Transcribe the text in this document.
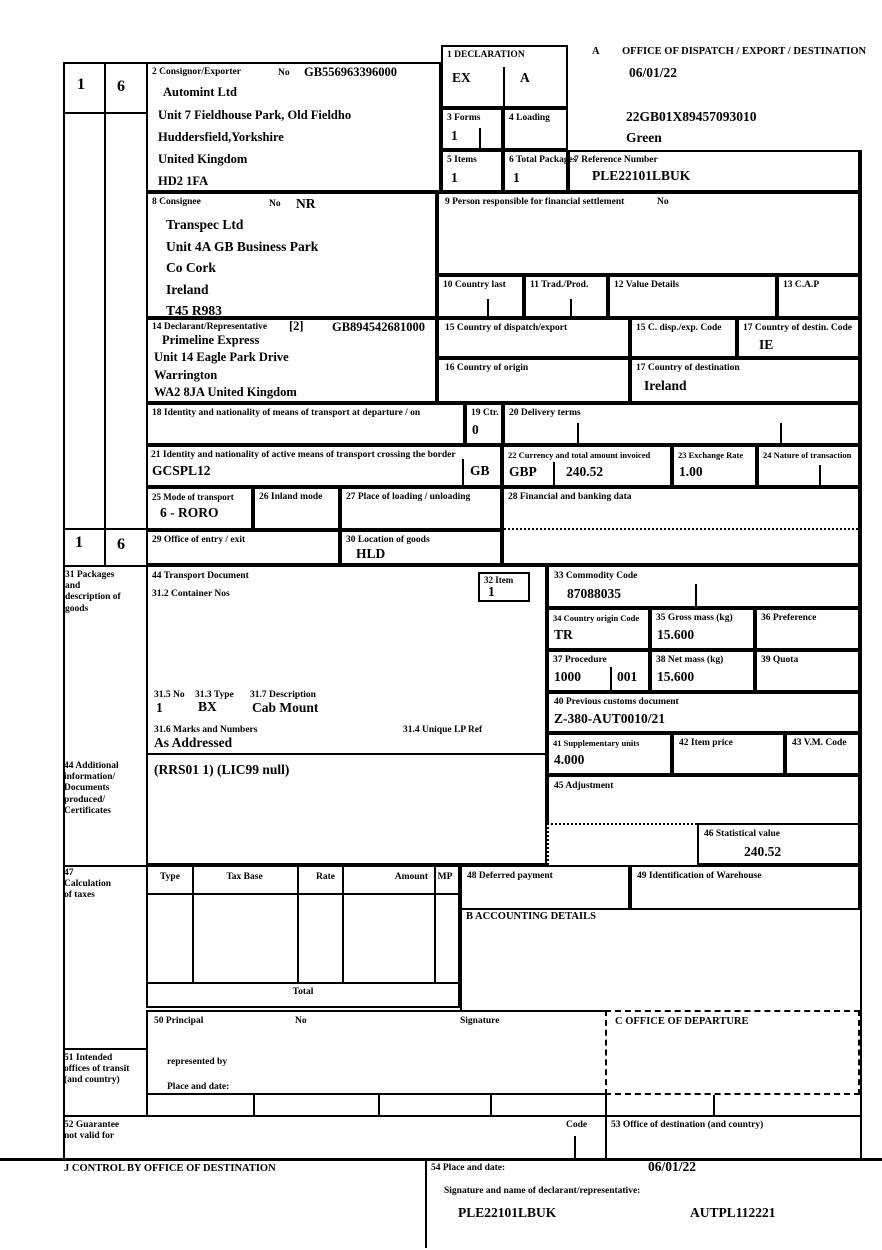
1 6
1 6
1 DECLARATION
EX	A
A OFFICE OF DISPATCH / EXPORT / DESTINATION
06/01/22
22GB01X89457093010
Green
2 Consignor/Exporter	No GB556963396000
Automint Ltd
Unit 7 Fieldhouse Park, Old Fieldho
Huddersfield,Yorkshire
United Kingdom
HD2 1FA
3 Forms
1
4 Loading
5 Items
1
6 Total Packages
1
7 Reference Number
PLE22101LBUK
8 Consignee	No NR
Transpec Ltd
Unit 4A GB Business Park
Co Cork
Ireland
T45 R983
9 Person responsible for financial settlement	No
10 Country last	11 Trad./Prod.	12 Value Details	13 C.A.P
14 Declarant/Representative [2] GB894542681000
Primeline Express
Unit 14 Eagle Park Drive
Warrington
WA2 8JA United Kingdom
15 Country of dispatch/export	15 C. disp./exp. Code 17 Country of destin. Code
IE
16 Country of origin	17 Country of destination
Ireland
18 Identity and nationality of means of transport at departure / on	19 Ctr.
0
20 Delivery terms
21 Identity and nationality of active means of transport crossing the border
GCSPL12	GB
22 Currency and total amount invoiced
GBP 240.52
23 Exchange Rate
1.00
24 Nature of transaction
25 Mode of transport
6 - RORO
26 Inland mode 27 Place of loading / unloading	28 Financial and banking data
29 Office of entry / exit	30 Location of goods
HLD
31 Packages and description of goods
44 Transport Document
31.2 Container Nos
31.5 No
1
31.3 Type
BX
31.7 Description
Cab Mount
31.6 Marks and Numbers
As Addressed
31.4 Unique LP Ref
32 Item
1
44 Additional information/ Documents produced/ Certificates
(RRS01 1) (LIC99 null)
33 Commodity Code
87088035
34 Country origin Code
TR
35 Gross mass (kg)
15.600
36 Preference
37 Procedure
1000	001
38 Net mass (kg)
15.600
39 Quota
40 Previous customs document
Z-380-AUT0010/21
41 Supplementary units
4.000
42 Item price	43 V.M. Code
45 Adjustment
46 Statistical value
240.52
47 Calculation of taxes
Type	Tax Base	Rate	Amount	MP
Total
48 Deferred payment	49 Identification of Warehouse
B ACCOUNTING DETAILS
50 Principal	No	Signature
represented by
Place and date:
C OFFICE OF DEPARTURE
51 Intended offices of transit (and country)
52 Guarantee not valid for
Code	53 Office of destination (and country)
J CONTROL BY OFFICE OF DESTINATION	54 Place and date:	06/01/22
Signature and name of declarant/representative:
PLE22101LBUK	AUTPL112221
